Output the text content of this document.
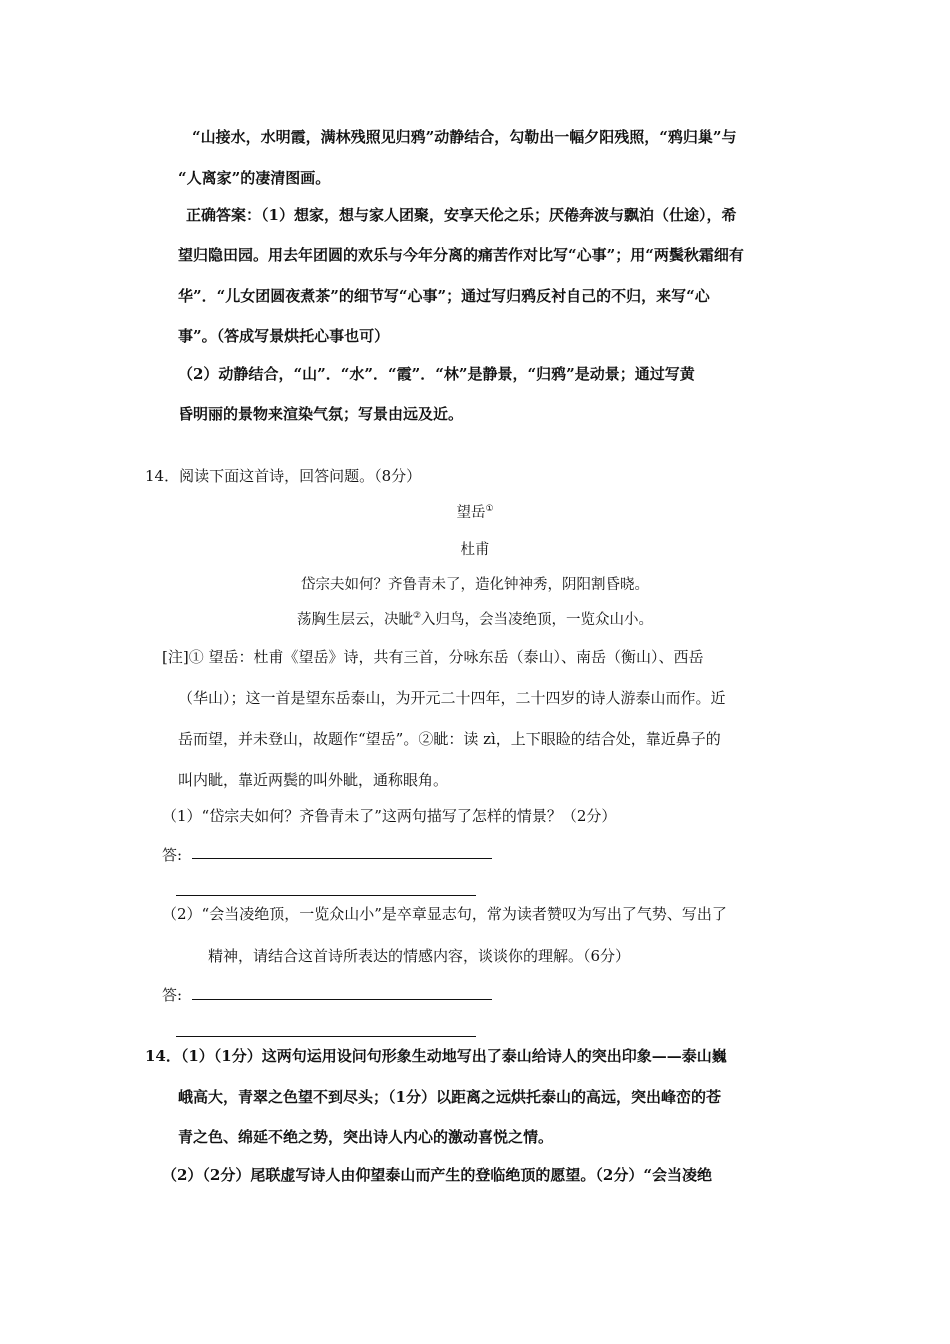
“山接水，水明霞，满林残照见归鸦”动静结合，勾勒出一幅夕阳残照，“鸦归巢”与
“人离家”的凄清图画。
正确答案：（1）想家，想与家人团聚，安享天伦之乐；厌倦奔波与飘泊（仕途），希
望归隐田园。用去年团圆的欢乐与今年分离的痛苦作对比写“心事”；用“两鬓秋霜细有
华”．“儿女团圆夜煮茶”的细节写“心事”；通过写归鸦反衬自己的不归，来写“心
事”。（答成写景烘托心事也可）
（2）动静结合，“山”．“水”．“霞”．“林”是静景，“归鸦”是动景；通过写黄
昏明丽的景物来渲染气氛；写景由远及近。
14．阅读下面这首诗，回答问题。（8分）
望岳①
杜甫
岱宗夫如何？齐鲁青未了，造化钟神秀，阴阳割昏晓。
荡胸生层云，决眦②入归鸟，会当凌绝顶，一览众山小。
[注]① 望岳：杜甫《望岳》诗，共有三首，分咏东岳（泰山）、南岳（衡山）、西岳
（华山）；这一首是望东岳泰山，为开元二十四年，二十四岁的诗人游泰山而作。近
岳而望，并未登山，故题作“望岳”。②眦：读 zì，上下眼睑的结合处，靠近鼻子的
叫内眦，靠近两鬓的叫外眦，通称眼角。
（1）“岱宗夫如何？齐鲁青未了”这两句描写了怎样的情景？（2分）
答:
（2）“会当凌绝顶，一览众山小”是卒章显志句，常为读者赞叹为写出了气势、写出了
精神，请结合这首诗所表达的情感内容，谈谈你的理解。（6分）
答:
14．（1）（1分）这两句运用设问句形象生动地写出了泰山给诗人的突出印象——泰山巍
峨高大，青翠之色望不到尽头；（1分）以距离之远烘托泰山的高远，突出峰峦的苍
青之色、绵延不绝之势，突出诗人内心的激动喜悦之情。
（2）（2分）尾联虚写诗人由仰望泰山而产生的登临绝顶的愿望。（2分）“会当凌绝
